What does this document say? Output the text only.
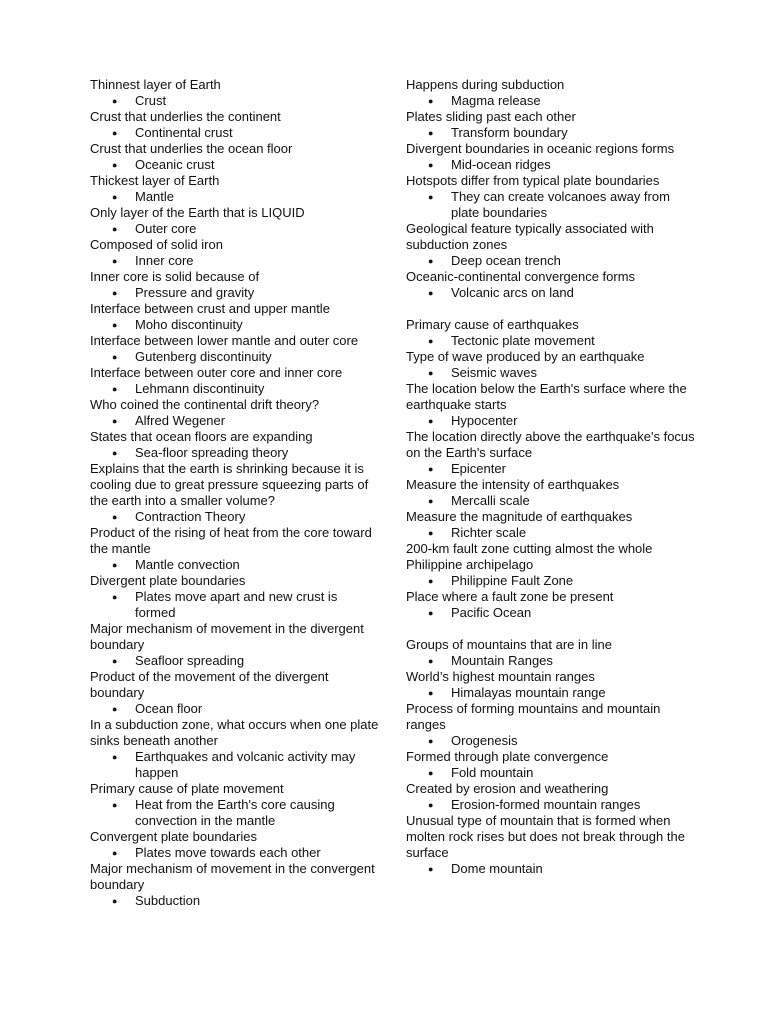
Thinnest layer of Earth
● Crust
Crust that underlies the continent
● Continental crust
Crust that underlies the ocean floor
● Oceanic crust
Thickest layer of Earth
● Mantle
Only layer of the Earth that is LIQUID
● Outer core
Composed of solid iron
● Inner core
Inner core is solid because of
● Pressure and gravity
Interface between crust and upper mantle
● Moho discontinuity
Interface between lower mantle and outer core
● Gutenberg discontinuity
Interface between outer core and inner core
● Lehmann discontinuity
Who coined the continental drift theory?
● Alfred Wegener
States that ocean floors are expanding
● Sea-floor spreading theory
Explains that the earth is shrinking because it is cooling due to great pressure squeezing parts of the earth into a smaller volume?
● Contraction Theory
Product of the rising of heat from the core toward the mantle
● Mantle convection
Divergent plate boundaries
● Plates move apart and new crust is formed
Major mechanism of movement in the divergent boundary
● Seafloor spreading
Product of the movement of the divergent boundary
● Ocean floor
In a subduction zone, what occurs when one plate sinks beneath another
● Earthquakes and volcanic activity may happen
Primary cause of plate movement
● Heat from the Earth's core causing convection in the mantle
Convergent plate boundaries
● Plates move towards each other
Major mechanism of movement in the convergent boundary
● Subduction
Happens during subduction
● Magma release
Plates sliding past each other
● Transform boundary
Divergent boundaries in oceanic regions forms
● Mid-ocean ridges
Hotspots differ from typical plate boundaries
● They can create volcanoes away from plate boundaries
Geological feature typically associated with subduction zones
● Deep ocean trench
Oceanic-continental convergence forms
● Volcanic arcs on land
Primary cause of earthquakes
● Tectonic plate movement
Type of wave produced by an earthquake
● Seismic waves
The location below the Earth's surface where the earthquake starts
● Hypocenter
The location directly above the earthquake's focus on the Earth's surface
● Epicenter
Measure the intensity of earthquakes
● Mercalli scale
Measure the magnitude of earthquakes
● Richter scale
200-km fault zone cutting almost the whole Philippine archipelago
● Philippine Fault Zone
Place where a fault zone be present
● Pacific Ocean
Groups of mountains that are in line
● Mountain Ranges
World’s highest mountain ranges
● Himalayas mountain range
Process of forming mountains and mountain ranges
● Orogenesis
Formed through plate convergence
● Fold mountain
Created by erosion and weathering
● Erosion-formed mountain ranges
Unusual type of mountain that is formed when molten rock rises but does not break through the surface
● Dome mountain
